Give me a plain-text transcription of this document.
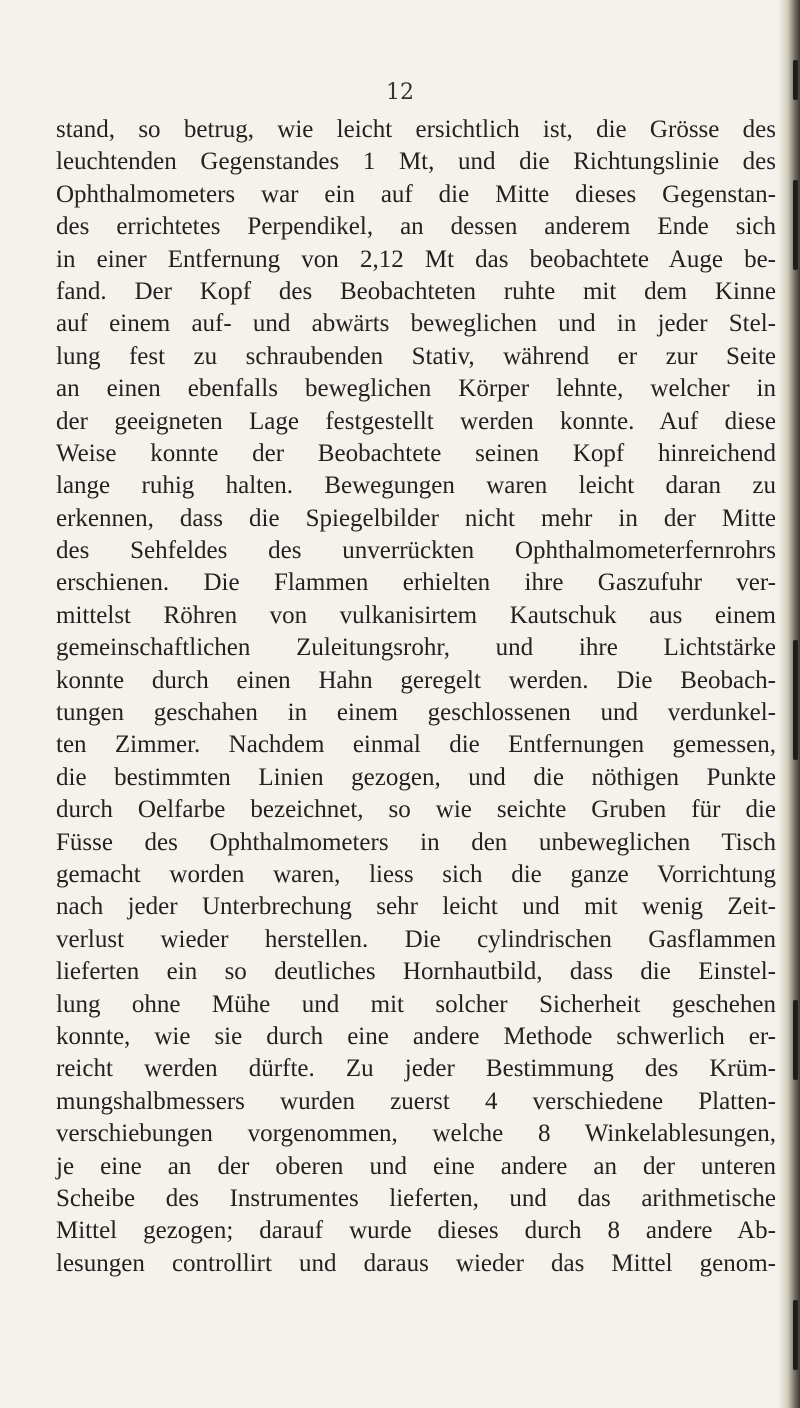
12
stand, so betrug, wie leicht ersichtlich ist, die Grösse des
leuchtenden Gegenstandes 1 Mt, und die Richtungslinie des
Ophthalmometers war ein auf die Mitte dieses Gegenstan-
des errichtetes Perpendikel, an dessen anderem Ende sich
in einer Entfernung von 2,12 Mt das beobachtete Auge be-
fand. Der Kopf des Beobachteten ruhte mit dem Kinne
auf einem auf- und abwärts beweglichen und in jeder Stel-
lung fest zu schraubenden Stativ, während er zur Seite
an einen ebenfalls beweglichen Körper lehnte, welcher in
der geeigneten Lage festgestellt werden konnte. Auf diese
Weise konnte der Beobachtete seinen Kopf hinreichend
lange ruhig halten. Bewegungen waren leicht daran zu
erkennen, dass die Spiegelbilder nicht mehr in der Mitte
des Sehfeldes des unverrückten Ophthalmometerfernrohrs
erschienen. Die Flammen erhielten ihre Gaszufuhr ver-
mittelst Röhren von vulkanisirtem Kautschuk aus einem
gemeinschaftlichen Zuleitungsrohr, und ihre Lichtstärke
konnte durch einen Hahn geregelt werden. Die Beobach-
tungen geschahen in einem geschlossenen und verdunkel-
ten Zimmer. Nachdem einmal die Entfernungen gemessen,
die bestimmten Linien gezogen, und die nöthigen Punkte
durch Oelfarbe bezeichnet, so wie seichte Gruben für die
Füsse des Ophthalmometers in den unbeweglichen Tisch
gemacht worden waren, liess sich die ganze Vorrichtung
nach jeder Unterbrechung sehr leicht und mit wenig Zeit-
verlust wieder herstellen. Die cylindrischen Gasflammen
lieferten ein so deutliches Hornhautbild, dass die Einstel-
lung ohne Mühe und mit solcher Sicherheit geschehen
konnte, wie sie durch eine andere Methode schwerlich er-
reicht werden dürfte. Zu jeder Bestimmung des Krüm-
mungshalbmessers wurden zuerst 4 verschiedene Platten-
verschiebungen vorgenommen, welche 8 Winkelablesungen,
je eine an der oberen und eine andere an der unteren
Scheibe des Instrumentes lieferten, und das arithmetische
Mittel gezogen; darauf wurde dieses durch 8 andere Ab-
lesungen controllirt und daraus wieder das Mittel genom-
